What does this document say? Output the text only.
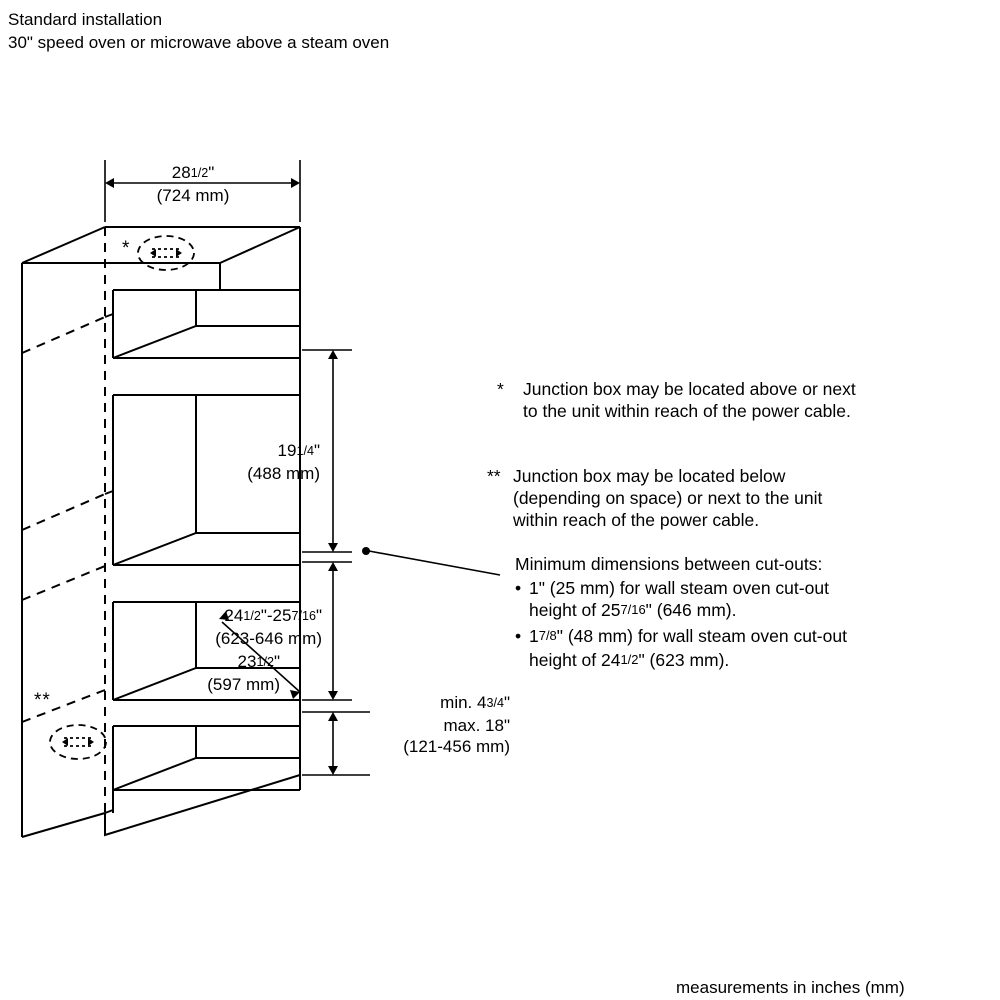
Standard installation
30" speed oven or microwave above a steam oven
281/2"
(724 mm)
191/4"
(488 mm)
241/2"-257/16"
(623-646 mm)
231/2"
(597 mm)
min. 43/4"
max. 18"
(121-456 mm)
*
**
*	Junction box may be located above or next
to the unit within reach of the power cable.
** Junction box may be located below
(depending on space) or next to the unit
within reach of the power cable.
Minimum dimensions between cut-outs:
• 1" (25 mm) for wall steam oven cut-out
height of 257/16" (646 mm).
• 17/8" (48 mm) for wall steam oven cut-out
height of 241/2" (623 mm).
measurements in inches (mm)
